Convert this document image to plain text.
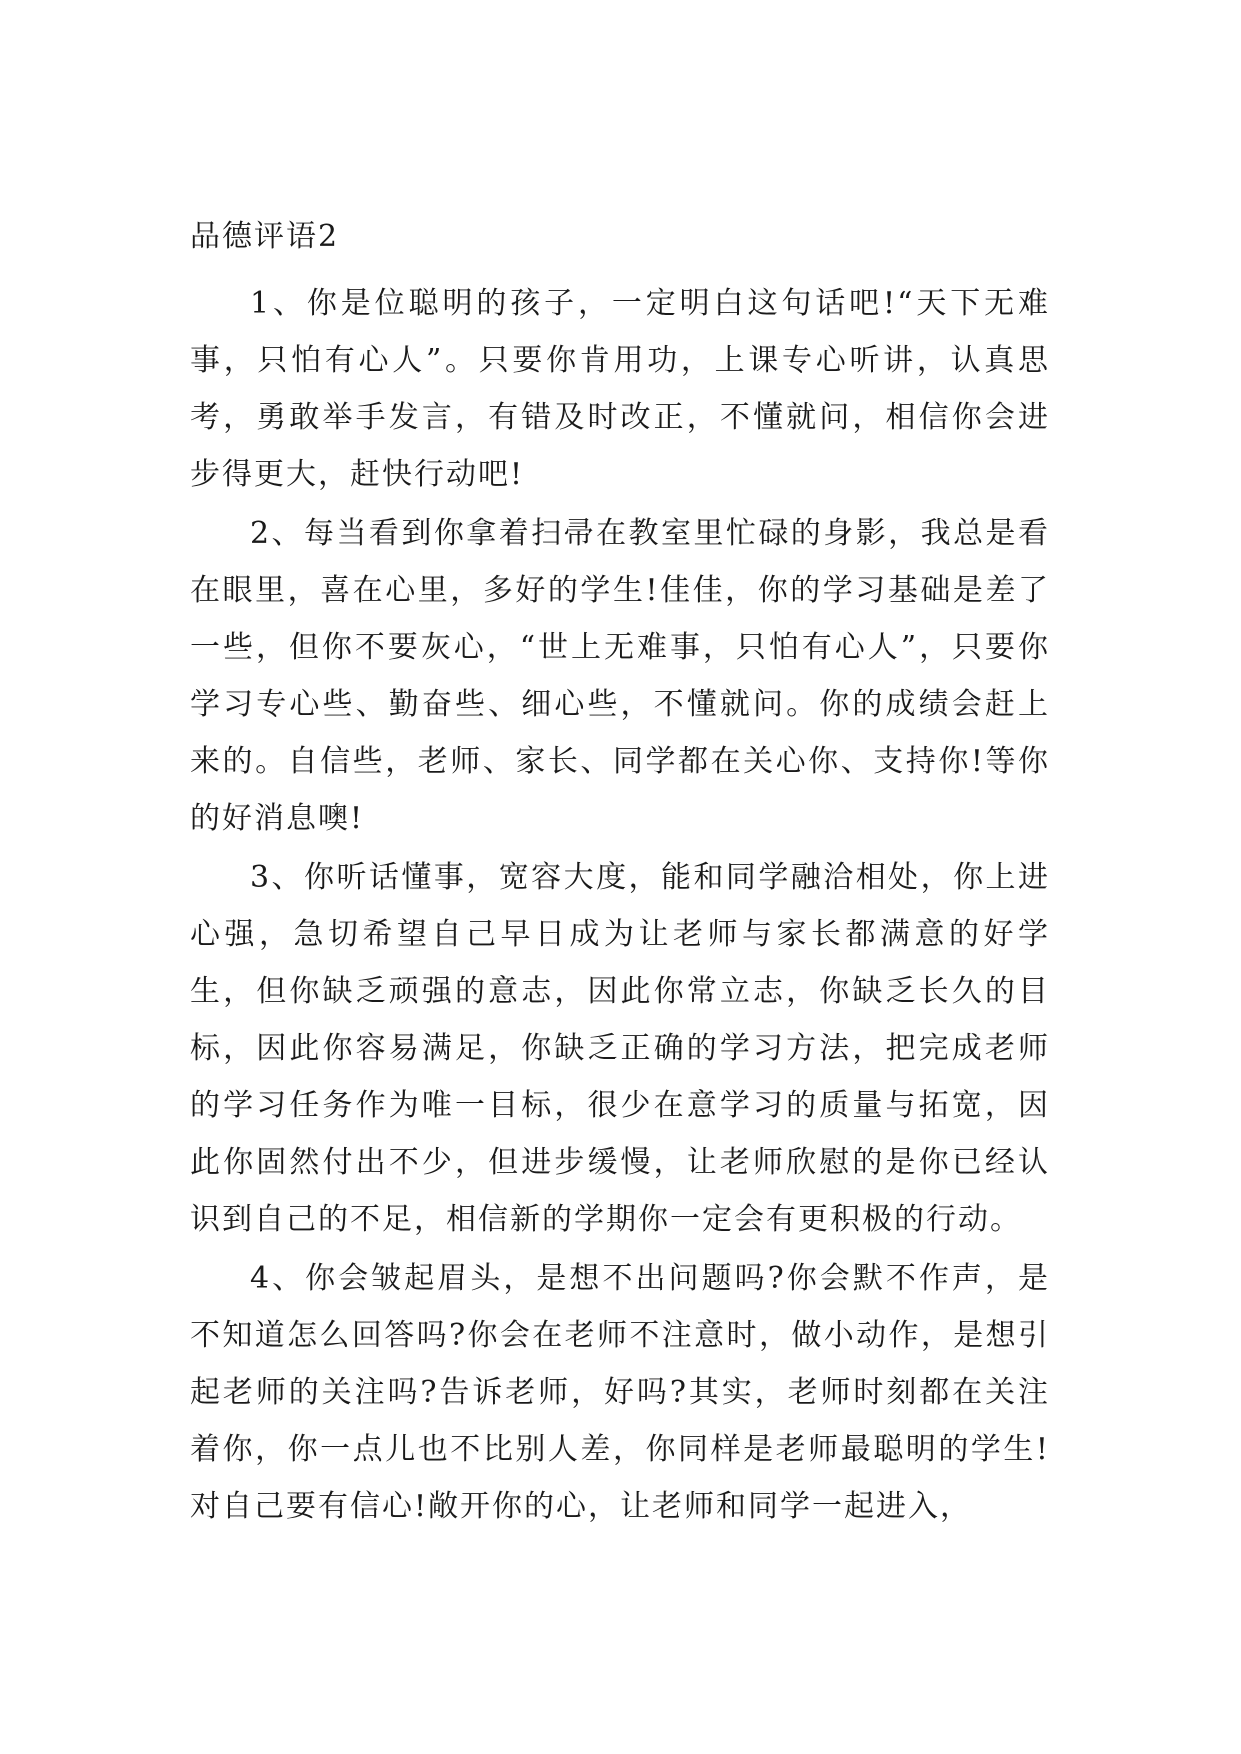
品德评语2

1、你是位聪明的孩子，一定明白这句话吧!“天下无难事，只怕有心人”。只要你肯用功，上课专心听讲，认真思考，勇敢举手发言，有错及时改正，不懂就问，相信你会进步得更大，赶快行动吧!

2、每当看到你拿着扫帚在教室里忙碌的身影，我总是看在眼里，喜在心里，多好的学生!佳佳，你的学习基础是差了一些，但你不要灰心，“世上无难事，只怕有心人”，只要你学习专心些、勤奋些、细心些，不懂就问。你的成绩会赶上来的。自信些，老师、家长、同学都在关心你、支持你!等你的好消息噢!

3、你听话懂事，宽容大度，能和同学融洽相处，你上进心强，急切希望自己早日成为让老师与家长都满意的好学生，但你缺乏顽强的意志，因此你常立志，你缺乏长久的目标，因此你容易满足，你缺乏正确的学习方法，把完成老师的学习任务作为唯一目标，很少在意学习的质量与拓宽，因此你固然付出不少，但进步缓慢，让老师欣慰的是你已经认识到自己的不足，相信新的学期你一定会有更积极的行动。

4、你会皱起眉头，是想不出问题吗?你会默不作声，是不知道怎么回答吗?你会在老师不注意时，做小动作，是想引起老师的关注吗?告诉老师，好吗?其实，老师时刻都在关注着你，你一点儿也不比别人差，你同样是老师最聪明的学生!对自己要有信心!敞开你的心，让老师和同学一起进入，
